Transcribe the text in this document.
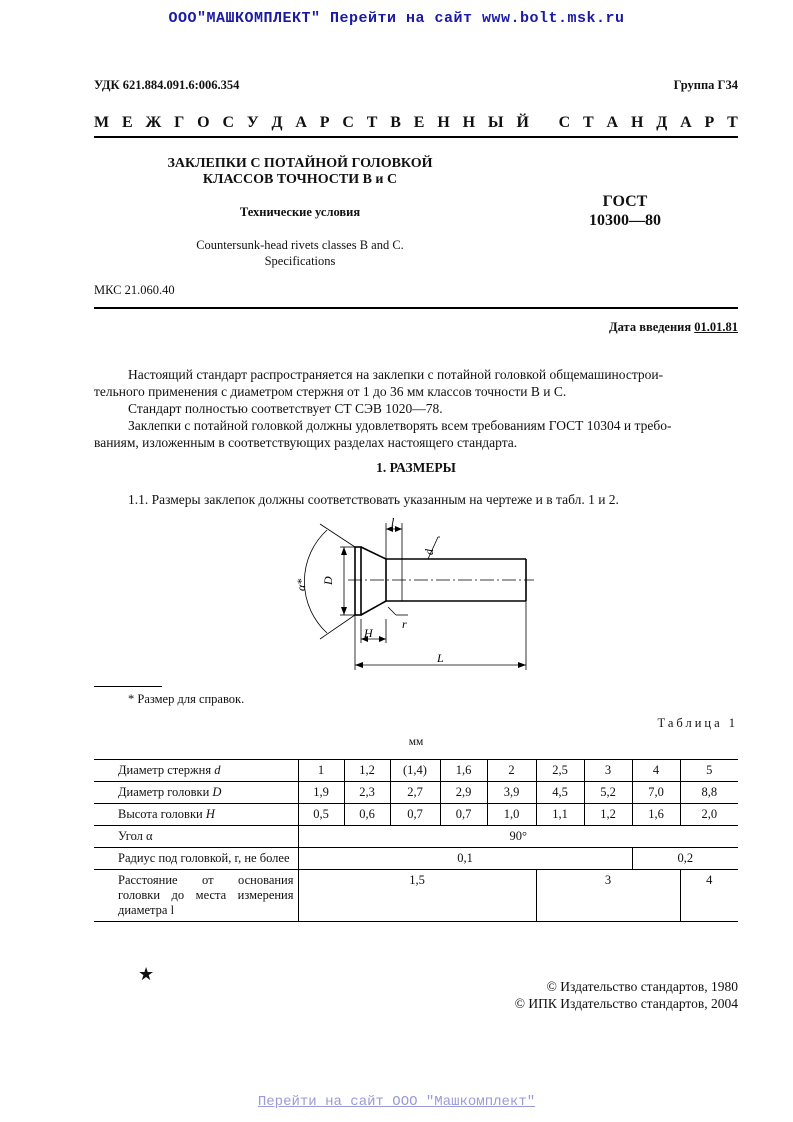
ООО"МАШКОМПЛЕКТ" Перейти на сайт www.bolt.msk.ru
УДК 621.884.091.6:006.354	Группа Г34
М Е Ж Г О С У Д А Р С Т В Е Н Н Ы Й
С Т А Н Д А Р Т
ЗАКЛЕПКИ С ПОТАЙНОЙ ГОЛОВКОЙ
КЛАССОВ ТОЧНОСТИ В и С
Технические условия
Countersunk-head rivets classes B and C.
Specifications
ГОСТ
10300—80
МКС 21.060.40
Дата введения 01.01.81
Настоящий стандарт распространяется на заклепки с потайной головкой общемашинострои-
тельного применения с диаметром стержня от 1 до 36 мм классов точности В и С.
Стандарт полностью соответствует СТ СЭВ 1020—78.
Заклепки с потайной головкой должны удовлетворять всем требованиям ГОСТ 10304 и требо-
ваниям, изложенным в соответствующих разделах настоящего стандарта.
1. РАЗМЕРЫ
1.1. Размеры заклепок должны соответствовать указанным на чертеже и в табл. 1 и 2.
l
d
D
α*
H
r
L
* Размер для справок.
Таблица 1
мм
Диаметр стержня d	1	1,2	(1,4)	1,6	2	2,5	3	4	5
Диаметр головки D	1,9	2,3	2,7	2,9	3,9	4,5	5,2	7,0	8,8
Высота головки H	0,5	0,6	0,7	0,7	1,0	1,1	1,2	1,6	2,0
Угол α	90°								
Радиус под головкой, r, не более	0,1							0,2	
Расстояние от основания головки до места измерения диаметра l	1,5					3			4
★
© Издательство стандартов, 1980
© ИПК Издательство стандартов, 2004
Перейти на сайт ООО "Машкомплект"
